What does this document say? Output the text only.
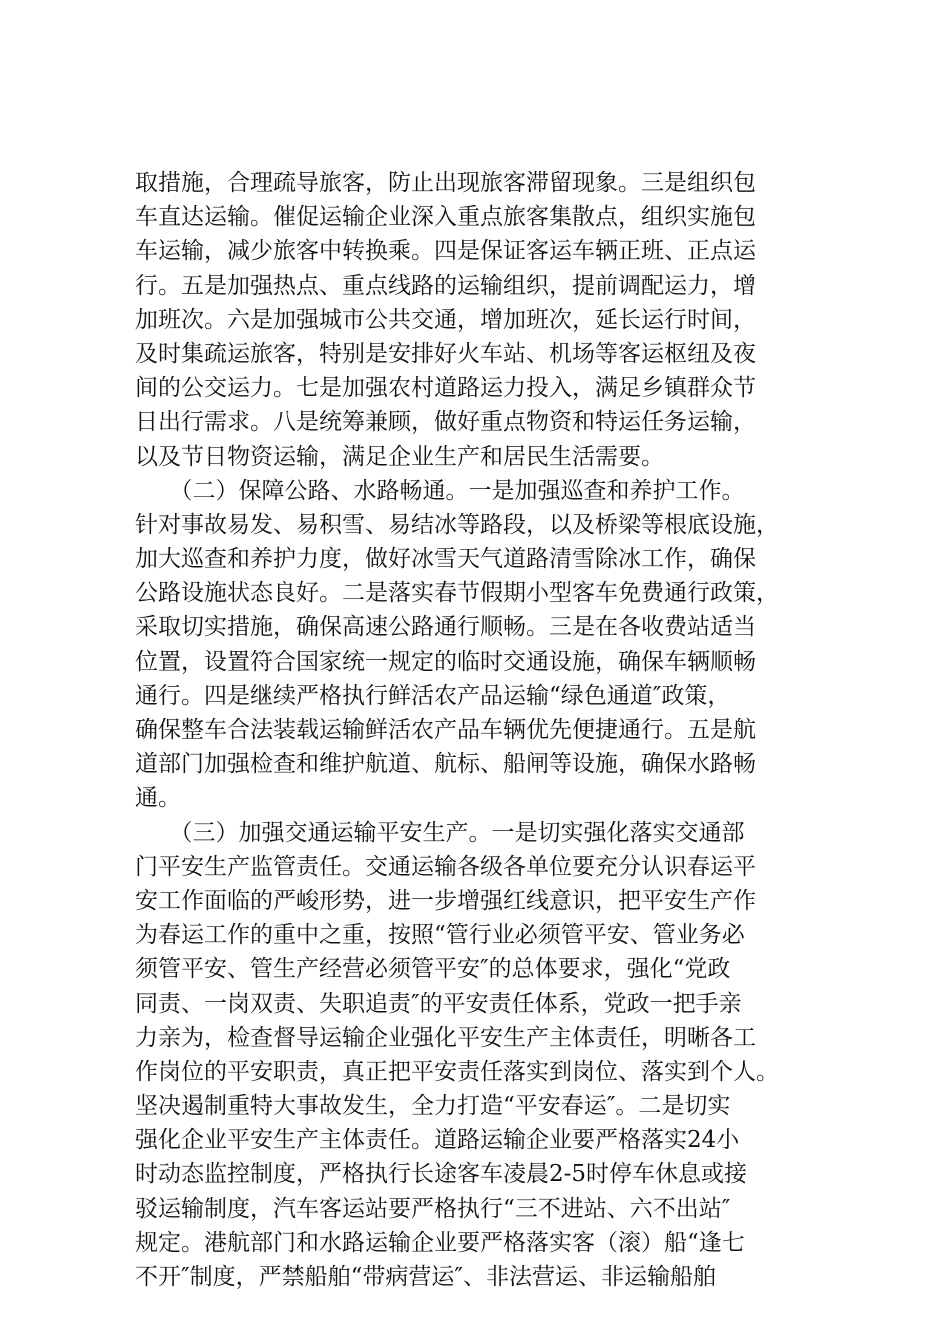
取措施，合理疏导旅客，防止出现旅客滞留现象。三是组织包
车直达运输。催促运输企业深入重点旅客集散点，组织实施包
车运输，减少旅客中转换乘。四是保证客运车辆正班、正点运
行。五是加强热点、重点线路的运输组织，提前调配运力，增
加班次。六是加强城市公共交通，增加班次，延长运行时间，
及时集疏运旅客，特别是安排好火车站、机场等客运枢纽及夜
间的公交运力。七是加强农村道路运力投入，满足乡镇群众节
日出行需求。八是统筹兼顾，做好重点物资和特运任务运输，
以及节日物资运输，满足企业生产和居民生活需要。
　　（二）保障公路、水路畅通。一是加强巡查和养护工作。
针对事故易发、易积雪、易结冰等路段，以及桥梁等根底设施，
加大巡查和养护力度，做好冰雪天气道路清雪除冰工作，确保
公路设施状态良好。二是落实春节假期小型客车免费通行政策，
采取切实措施，确保高速公路通行顺畅。三是在各收费站适当
位置，设置符合国家统一规定的临时交通设施，确保车辆顺畅
通行。四是继续严格执行鲜活农产品运输“绿色通道″政策，
确保整车合法装载运输鲜活农产品车辆优先便捷通行。五是航
道部门加强检查和维护航道、航标、船闸等设施，确保水路畅
通。
　　（三）加强交通运输平安生产。一是切实强化落实交通部
门平安生产监管责任。交通运输各级各单位要充分认识春运平
安工作面临的严峻形势，进一步增强红线意识，把平安生产作
为春运工作的重中之重，按照“管行业必须管平安、管业务必
须管平安、管生产经营必须管平安″的总体要求，强化“党政
同责、一岗双责、失职追责″的平安责任体系，党政一把手亲
力亲为，检查督导运输企业强化平安生产主体责任，明晰各工
作岗位的平安职责，真正把平安责任落实到岗位、落实到个人。
坚决遏制重特大事故发生，全力打造“平安春运″。二是切实
强化企业平安生产主体责任。道路运输企业要严格落实24小
时动态监控制度，严格执行长途客车凌晨2-5时停车休息或接
驳运输制度，汽车客运站要严格执行“三不进站、六不出站″
规定。港航部门和水路运输企业要严格落实客（滚）船“逢七
不开″制度，严禁船舶“带病营运″、非法营运、非运输船舶
